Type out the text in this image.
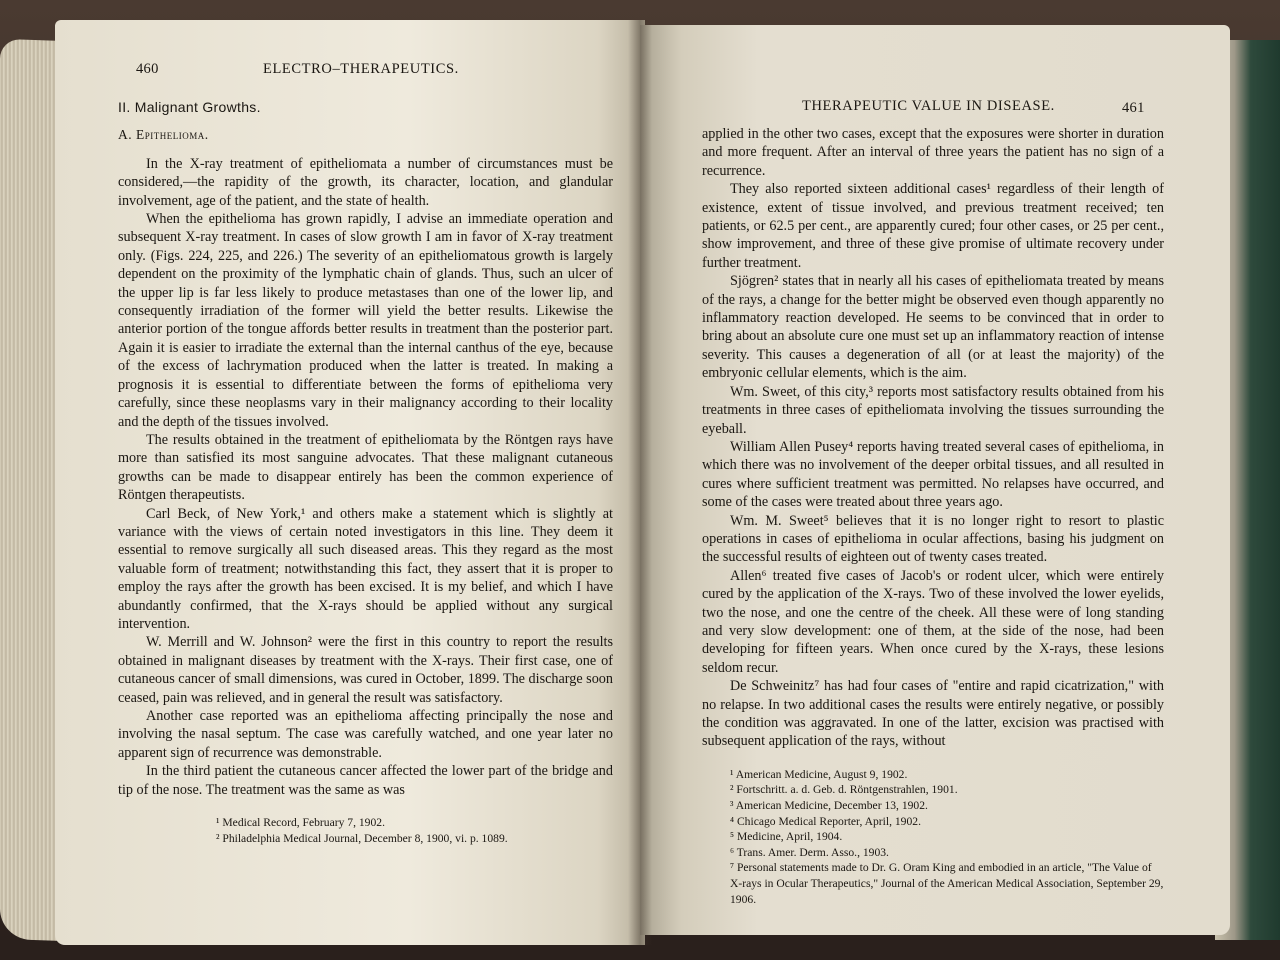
460	ELECTRO–THERAPEUTICS.
II. Malignant Growths.
A. Epithelioma.

In the X-ray treatment of epitheliomata a number of circumstances must be considered,—the rapidity of the growth, its character, location, and glandular involvement, age of the patient, and the state of health.

When the epithelioma has grown rapidly, I advise an immediate operation and subsequent X-ray treatment. In cases of slow growth I am in favor of X-ray treatment only. (Figs. 224, 225, and 226.) The severity of an epitheliomatous growth is largely dependent on the proximity of the lymphatic chain of glands. Thus, such an ulcer of the upper lip is far less likely to produce metastases than one of the lower lip, and consequently irradiation of the former will yield the better results. Likewise the anterior portion of the tongue affords better results in treatment than the posterior part. Again it is easier to irradiate the external than the internal canthus of the eye, because of the excess of lachrymation produced when the latter is treated. In making a prognosis it is essential to differentiate between the forms of epithelioma very carefully, since these neoplasms vary in their malignancy according to their locality and the depth of the tissues involved.

The results obtained in the treatment of epitheliomata by the Röntgen rays have more than satisfied its most sanguine advocates. That these malignant cutaneous growths can be made to disappear entirely has been the common experience of Röntgen therapeutists.

Carl Beck, of New York,¹ and others make a statement which is slightly at variance with the views of certain noted investigators in this line. They deem it essential to remove surgically all such diseased areas. This they regard as the most valuable form of treatment; notwithstanding this fact, they assert that it is proper to employ the rays after the growth has been excised. It is my belief, and which I have abundantly confirmed, that the X-rays should be applied without any surgical intervention.

W. Merrill and W. Johnson² were the first in this country to report the results obtained in malignant diseases by treatment with the X-rays. Their first case, one of cutaneous cancer of small dimensions, was cured in October, 1899. The discharge soon ceased, pain was relieved, and in general the result was satisfactory.

Another case reported was an epithelioma affecting principally the nose and involving the nasal septum. The case was carefully watched, and one year later no apparent sign of recurrence was demonstrable.

In the third patient the cutaneous cancer affected the lower part of the bridge and tip of the nose. The treatment was the same as was

¹ Medical Record, February 7, 1902.
² Philadelphia Medical Journal, December 8, 1900, vi. p. 1089.
THERAPEUTIC VALUE IN DISEASE.	461

applied in the other two cases, except that the exposures were shorter in duration and more frequent. After an interval of three years the patient has no sign of a recurrence.

They also reported sixteen additional cases¹ regardless of their length of existence, extent of tissue involved, and previous treatment received; ten patients, or 62.5 per cent., are apparently cured; four other cases, or 25 per cent., show improvement, and three of these give promise of ultimate recovery under further treatment.

Sjögren² states that in nearly all his cases of epitheliomata treated by means of the rays, a change for the better might be observed even though apparently no inflammatory reaction developed. He seems to be convinced that in order to bring about an absolute cure one must set up an inflammatory reaction of intense severity. This causes a degeneration of all (or at least the majority) of the embryonic cellular elements, which is the aim.

Wm. Sweet, of this city,³ reports most satisfactory results obtained from his treatments in three cases of epitheliomata involving the tissues surrounding the eyeball.

William Allen Pusey⁴ reports having treated several cases of epithelioma, in which there was no involvement of the deeper orbital tissues, and all resulted in cures where sufficient treatment was permitted. No relapses have occurred, and some of the cases were treated about three years ago.

Wm. M. Sweet⁵ believes that it is no longer right to resort to plastic operations in cases of epithelioma in ocular affections, basing his judgment on the successful results of eighteen out of twenty cases treated.

Allen⁶ treated five cases of Jacob's or rodent ulcer, which were entirely cured by the application of the X-rays. Two of these involved the lower eyelids, two the nose, and one the centre of the cheek. All these were of long standing and very slow development: one of them, at the side of the nose, had been developing for fifteen years. When once cured by the X-rays, these lesions seldom recur.

De Schweinitz⁷ has had four cases of "entire and rapid cicatrization," with no relapse. In two additional cases the results were entirely negative, or possibly the condition was aggravated. In one of the latter, excision was practised with subsequent application of the rays, without

¹ American Medicine, August 9, 1902.
² Fortschritt. a. d. Geb. d. Röntgenstrahlen, 1901.
³ American Medicine, December 13, 1902.
⁴ Chicago Medical Reporter, April, 1902.
⁵ Medicine, April, 1904.
⁶ Trans. Amer. Derm. Asso., 1903.
⁷ Personal statements made to Dr. G. Oram King and embodied in an article, "The Value of X-rays in Ocular Therapeutics," Journal of the American Medical Association, September 29, 1906.
